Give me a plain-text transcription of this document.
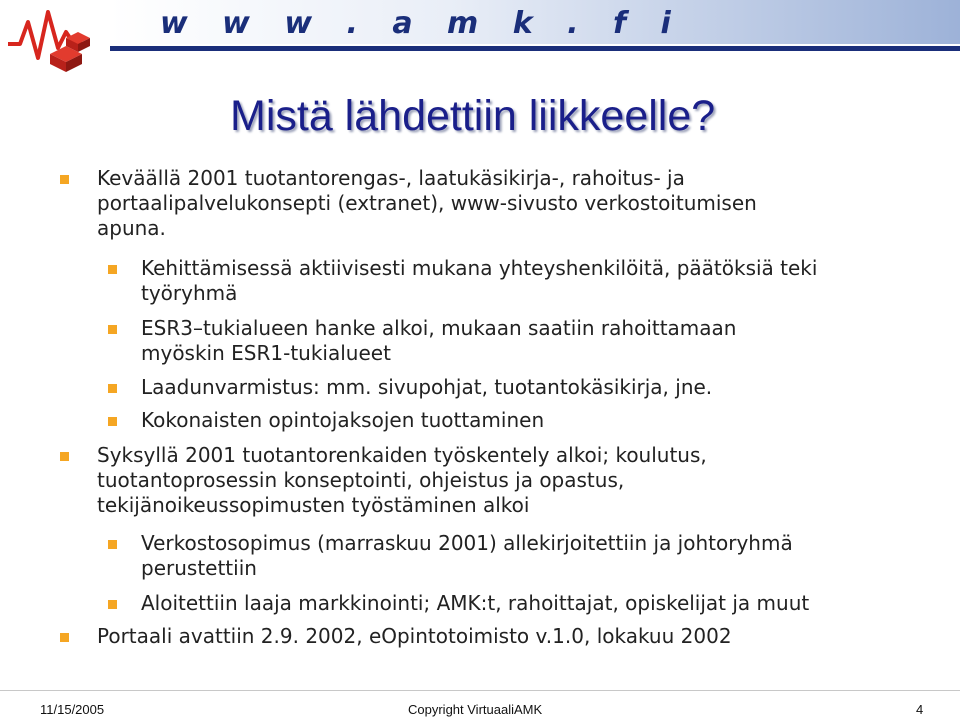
w w w . a m k . f i
Mistä lähdettiin liikkeelle?
Keväällä 2001 tuotantorengas-, laatukäsikirja-, rahoitus- ja
portaalipalvelukonsepti (extranet), www-sivusto verkostoitumisen
apuna.
Kehittämisessä aktiivisesti mukana yhteyshenkilöitä, päätöksiä teki
työryhmä
ESR3–tukialueen hanke alkoi, mukaan saatiin rahoittamaan
myöskin ESR1-tukialueet
Laadunvarmistus: mm. sivupohjat, tuotantokäsikirja, jne.
Kokonaisten opintojaksojen tuottaminen
Syksyllä 2001 tuotantorenkaiden työskentely alkoi; koulutus,
tuotantoprosessin konseptointi, ohjeistus ja opastus,
tekijänoikeussopimusten työstäminen alkoi
Verkostosopimus (marraskuu 2001) allekirjoitettiin ja johtoryhmä
perustettiin
Aloitettiin laaja markkinointi; AMK:t, rahoittajat, opiskelijat ja muut
Portaali avattiin 2.9. 2002, eOpintotoimisto v.1.0, lokakuu 2002
11/15/2005	Copyright VirtuaaliAMK	4
